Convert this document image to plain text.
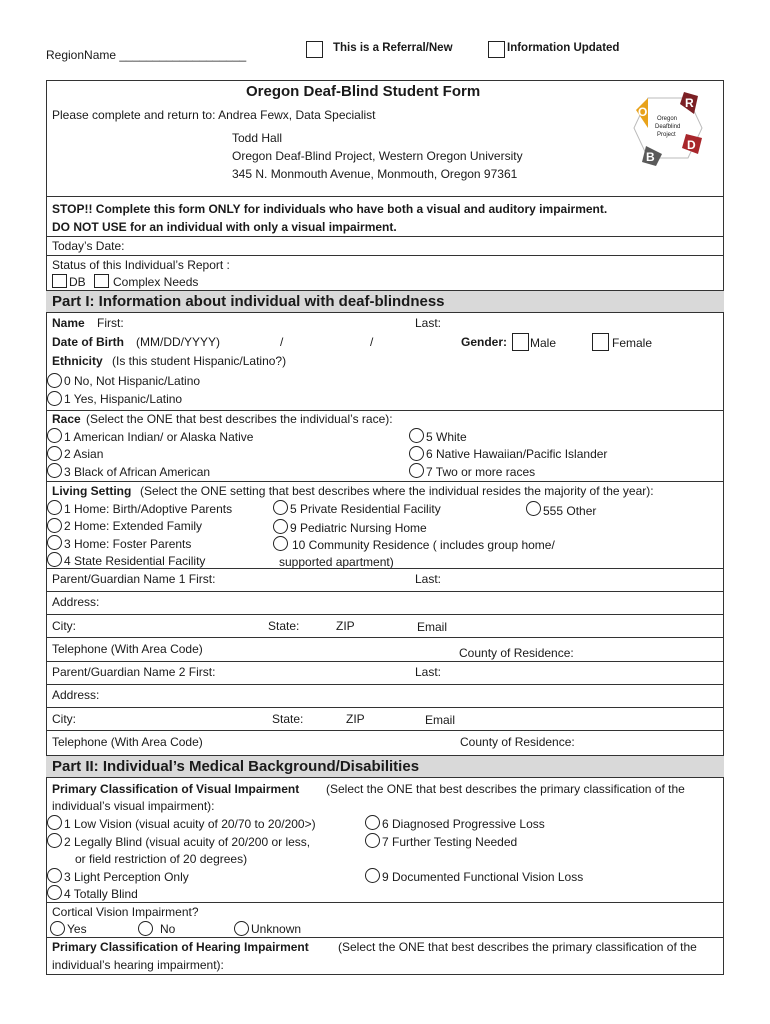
RegionName ___________________	This is a Referral/New	Information Updated
Oregon Deaf-Blind Student Form
Please complete and return to: Andrea Fewx, Data Specialist
Todd Hall
Oregon Deaf-Blind Project, Western Oregon University
345 N. Monmouth Avenue, Monmouth, Oregon 97361
O
R
B
D
Oregon
Deafblind
Project
STOP!! Complete this form ONLY for individuals who have both a visual and auditory impairment.
DO NOT USE for an individual with only a visual impairment.
Today’s Date:
Status of this Individual’s Report :
DB Complex Needs
Part I: Information about individual with deaf-blindness
Name First:	Last:
Date of Birth (MM/DD/YYYY)	/	/	Gender: Male	Female
Ethnicity (Is this student Hispanic/Latino?)
0 No, Not Hispanic/Latino
1 Yes, Hispanic/Latino
Race (Select the ONE that best describes the individual’s race):
1 American Indian/ or Alaska Native
2 Asian
3 Black of African American
5 White
6 Native Hawaiian/Pacific Islander
7 Two or more races
Living Setting (Select the ONE setting that best describes where the individual resides the majority of the year):
1 Home: Birth/Adoptive Parents
2 Home: Extended Family
3 Home: Foster Parents
4 State Residential Facility
5 Private Residential Facility
9 Pediatric Nursing Home
10 Community Residence ( includes group home/
supported apartment)
555 Other
Parent/Guardian Name 1 First:	Last:
Address:
City:	State:	ZIP	Email
Telephone (With Area Code)	County of Residence:
Parent/Guardian Name 2 First:	Last:
Address:
City:	State:	ZIP	Email
Telephone (With Area Code)	County of Residence:
Part II: Individual’s Medical Background/Disabilities
Primary Classification of Visual Impairment (Select the ONE that best describes the primary classification of the
individual’s visual impairment):
1 Low Vision (visual acuity of 20/70 to 20/200>)
2 Legally Blind (visual acuity of 20/200 or less,
or field restriction of 20 degrees)
3 Light Perception Only
4 Totally Blind
6 Diagnosed Progressive Loss
7 Further Testing Needed
9 Documented Functional Vision Loss
Cortical Vision Impairment?
Yes	No	Unknown
Primary Classification of Hearing Impairment (Select the ONE that best describes the primary classification of the
individual’s hearing impairment):
